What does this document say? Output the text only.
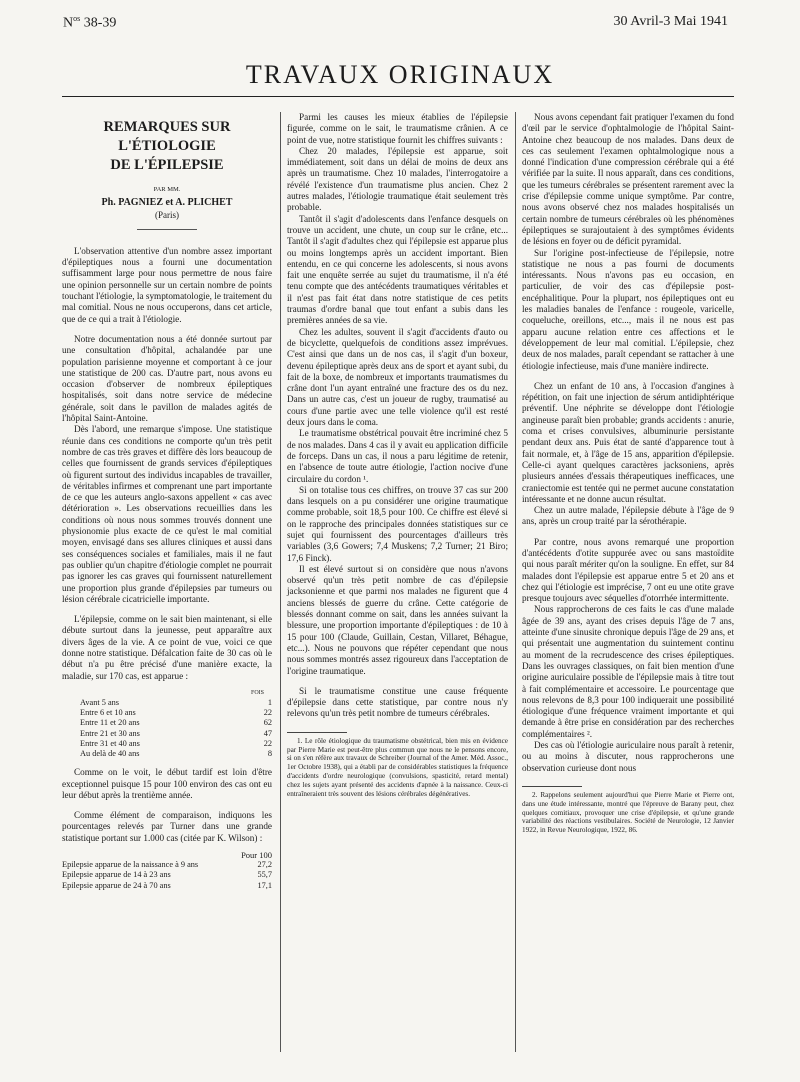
$N^{os}$ 38-39	30 Avril-3 Mai 1941
TRAVAUX ORIGINAUX
REMARQUES SUR L'ÉTIOLOGIE
DE L'ÉPILEPSIE
PAR MM.
Ph. PAGNIEZ et A. PLICHET
(Paris)

L'observation attentive d'un nombre assez important d'épileptiques nous a fourni une documentation suffisamment large pour nous permettre de nous faire une opinion personnelle sur un certain nombre de points touchant l'étiologie, la symptomatologie, le traitement du mal comitial. Nous ne nous occuperons, dans cet article, que de ce qui a trait à l'étiologie.

Notre documentation nous a été donnée surtout par une consultation d'hôpital, achalandée par une population parisienne moyenne et comportant à ce jour une statistique de 200 cas. D'autre part, nous avons eu occasion d'observer de nombreux épileptiques hospitalisés, soit dans notre service de médecine générale, soit dans le pavillon de malades agités de l'hôpital Saint-Antoine.

Dès l'abord, une remarque s'impose. Une statistique réunie dans ces conditions ne comporte qu'un très petit nombre de cas très graves et diffère dès lors beaucoup de celles que fournissent de grands services d'épileptiques où figurent surtout des individus incapables de travailler, de véritables infirmes et comprenant une part importante de ce que les auteurs anglo-saxons appellent « cas avec détérioration ». Les observations recueillies dans les conditions où nous nous sommes trouvés donnent une physionomie plus exacte de ce qu'est le mal comitial moyen, envisagé dans ses allures cliniques et aussi dans ses conséquences sociales et familiales, mais il ne faut pas oublier qu'un chapitre d'étiologie complet ne pourrait pas ignorer les cas graves qui fournissent naturellement une proportion plus grande d'épilepsies par tumeurs ou lésion cérébrale cicatricielle importante.

L'épilepsie, comme on le sait bien maintenant, si elle débute surtout dans la jeunesse, peut apparaître aux divers âges de la vie. A ce point de vue, voici ce que donne notre statistique. Défalcation faite de 30 cas où le début n'a pu être précisé d'une manière exacte, la maladie, sur 170 cas, est apparue :

FOIS
Avant 5 ans	1
Entre 6 et 10 ans	22
Entre 11 et 20 ans	62
Entre 21 et 30 ans	47
Entre 31 et 40 ans	22
Au delà de 40 ans	8

Comme on le voit, le début tardif est loin d'être exceptionnel puisque 15 pour 100 environ des cas ont eu leur début après la trentième année.

Comme élément de comparaison, indiquons les pourcentages relevés par Turner dans une grande statistique portant sur 1.000 cas (citée par K. Wilson) :

Pour 100
Epilepsie apparue de la naissance à 9 ans	27,2
Epilepsie apparue de 14 à 23 ans	55,7
Epilepsie apparue de 24 à 70 ans	17,1

Parmi les causes les mieux établies de l'épilepsie figurée, comme on le sait, le traumatisme crânien. A ce point de vue, notre statistique fournit les chiffres suivants :

Chez 20 malades, l'épilepsie est apparue, soit immédiatement, soit dans un délai de moins de deux ans après un traumatisme. Chez 10 malades, l'interrogatoire a révélé l'existence d'un traumatisme plus ancien. Chez 2 autres malades, l'étiologie traumatique était seulement très probable.

Tantôt il s'agit d'adolescents dans l'enfance desquels on trouve un accident, une chute, un coup sur le crâne, etc... Tantôt il s'agit d'adultes chez qui l'épilepsie est apparue plus ou moins longtemps après un accident important. Bien entendu, en ce qui concerne les adolescents, si nous avons fait une enquête serrée au sujet du traumatisme, il n'a été tenu compte que des antécédents traumatiques véritables et il n'est pas fait état dans notre statistique de ces petits traumas d'ordre banal que tout enfant a subis dans les premières années de sa vie.

Chez les adultes, souvent il s'agit d'accidents d'auto ou de bicyclette, quelquefois de conditions assez imprévues. C'est ainsi que dans un de nos cas, il s'agit d'un boxeur, devenu épileptique après deux ans de sport et ayant subi, du fait de la boxe, de nombreux et importants traumatismes du crâne dont l'un ayant entraîné une fracture des os du nez. Dans un autre cas, c'est un joueur de rugby, traumatisé au cours d'une partie avec une telle violence qu'il est resté deux jours dans le coma.

Le traumatisme obstétrical pouvait être incriminé chez 5 de nos malades. Dans 4 cas il y avait eu application difficile de forceps. Dans un cas, il nous a paru légitime de retenir, en l'absence de toute autre étiologie, l'action nocive d'une circulaire du cordon ¹.

Si on totalise tous ces chiffres, on trouve 37 cas sur 200 dans lesquels on a pu considérer une origine traumatique comme probable, soit 18,5 pour 100. Ce chiffre est élevé si on le rapproche des principales données statistiques sur ce sujet qui fournissent des pourcentages d'ailleurs très variables (3,6 Gowers; 7,4 Muskens; 7,2 Turner; 21 Biro; 17,6 Finck).

Il est élevé surtout si on considère que nous n'avons observé qu'un très petit nombre de cas d'épilepsie jacksonienne et que parmi nos malades ne figurent que 4 anciens blessés de guerre du crâne. Cette catégorie de blessés donnant comme on sait, dans les années suivant la blessure, une proportion importante d'épileptiques : de 10 à 15 pour 100 (Claude, Guillain, Cestan, Villaret, Béhague, etc...). Nous ne pouvons que répéter cependant que nous nous sommes montrés assez rigoureux dans l'acceptation de l'origine traumatique.

Si le traumatisme constitue une cause fréquente d'épilepsie dans cette statistique, par contre nous n'y relevons qu'un très petit nombre de tumeurs cérébrales.

1. Le rôle étiologique du traumatisme obstétrical, bien mis en évidence par Pierre Marie est peut-être plus commun que nous ne le pensons encore, si on s'en réfère aux travaux de Schreiber (Journal of the Amer. Méd. Assoc., 1er Octobre 1938), qui a établi par de considérables statistiques la fréquence d'accidents d'ordre neurologique (convulsions, spasticité, retard mental) chez les sujets ayant présenté des accidents d'apnée à la naissance. Ceux-ci entraîneraient très souvent des lésions cérébrales dégénératives.

Nous avons cependant fait pratiquer l'examen du fond d'œil par le service d'ophtalmologie de l'hôpital Saint-Antoine chez beaucoup de nos malades. Dans deux de ces cas seulement l'examen ophtalmologique nous a donné l'indication d'une compression cérébrale qui a été vérifiée par la suite. Il nous apparaît, dans ces conditions, que les tumeurs cérébrales se présentent rarement avec la crise d'épilepsie comme unique symptôme. Par contre, nous avons observé chez nos malades hospitalisés un certain nombre de tumeurs cérébrales où les phénomènes épileptiques se surajoutaient à des symptômes évidents de lésions en foyer ou de déficit pyramidal.

Sur l'origine post-infectieuse de l'épilepsie, notre statistique ne nous a pas fourni de documents intéressants. Nous n'avons pas eu occasion, en particulier, de voir des cas d'épilepsie post-encéphalitique. Pour la plupart, nos épileptiques ont eu les maladies banales de l'enfance : rougeole, varicelle, coqueluche, oreillons, etc..., mais il ne nous est pas apparu aucune relation entre ces affections et le développement de leur mal comitial. L'épilepsie, chez deux de nos malades, paraît cependant se rattacher à une étiologie infectieuse, mais d'une manière indirecte.

Chez un enfant de 10 ans, à l'occasion d'angines à répétition, on fait une injection de sérum antidiphtérique préventif. Une néphrite se développe dont l'étiologie angineuse paraît bien probable; grands accidents : anurie, coma et crises convulsives, albuminurie persistante pendant deux ans. Puis état de santé d'apparence tout à fait normale, et, à l'âge de 15 ans, apparition d'épilepsie. Celle-ci ayant quelques caractères jacksoniens, après plusieurs années d'essais thérapeutiques inefficaces, une craniectomie est tentée qui ne permet aucune constatation intéressante et ne donne aucun résultat.

Chez un autre malade, l'épilepsie débute à l'âge de 9 ans, après un croup traité par la sérothérapie.

Par contre, nous avons remarqué une proportion d'antécédents d'otite suppurée avec ou sans mastoïdite qui nous paraît mériter qu'on la souligne. En effet, sur 84 malades dont l'épilepsie est apparue entre 5 et 20 ans et chez qui l'étiologie est imprécise, 7 ont eu une otite grave presque toujours avec séquelles d'otorrhée intermittente.

Nous rapprocherons de ces faits le cas d'une malade âgée de 39 ans, ayant des crises depuis l'âge de 7 ans, atteinte d'une sinusite chronique depuis l'âge de 29 ans, et qui présentait une augmentation du suintement continu au moment de la recrudescence des crises épileptiques. Dans les ouvrages classiques, on fait bien mention d'une origine auriculaire possible de l'épilepsie mais à titre tout à fait complémentaire et accessoire. Le pourcentage que nous relevons de 8,3 pour 100 indiquerait une possibilité étiologique d'une fréquence vraiment importante et qui demande à être prise en considération par des recherches complémentaires ².

Des cas où l'étiologie auriculaire nous paraît à retenir, ou au moins à discuter, nous rapprocherons une observation curieuse dont nous

2. Rappelons seulement aujourd'hui que Pierre Marie et Pierre ont, dans une étude intéressante, montré que l'épreuve de Barany peut, chez quelques comitiaux, provoquer une crise d'épilepsie, et qu'une grande variabilité des réactions vestibulaires. Société de Neurologie, 12 Janvier 1922, in Revue Neurologique, 1922, 86.
